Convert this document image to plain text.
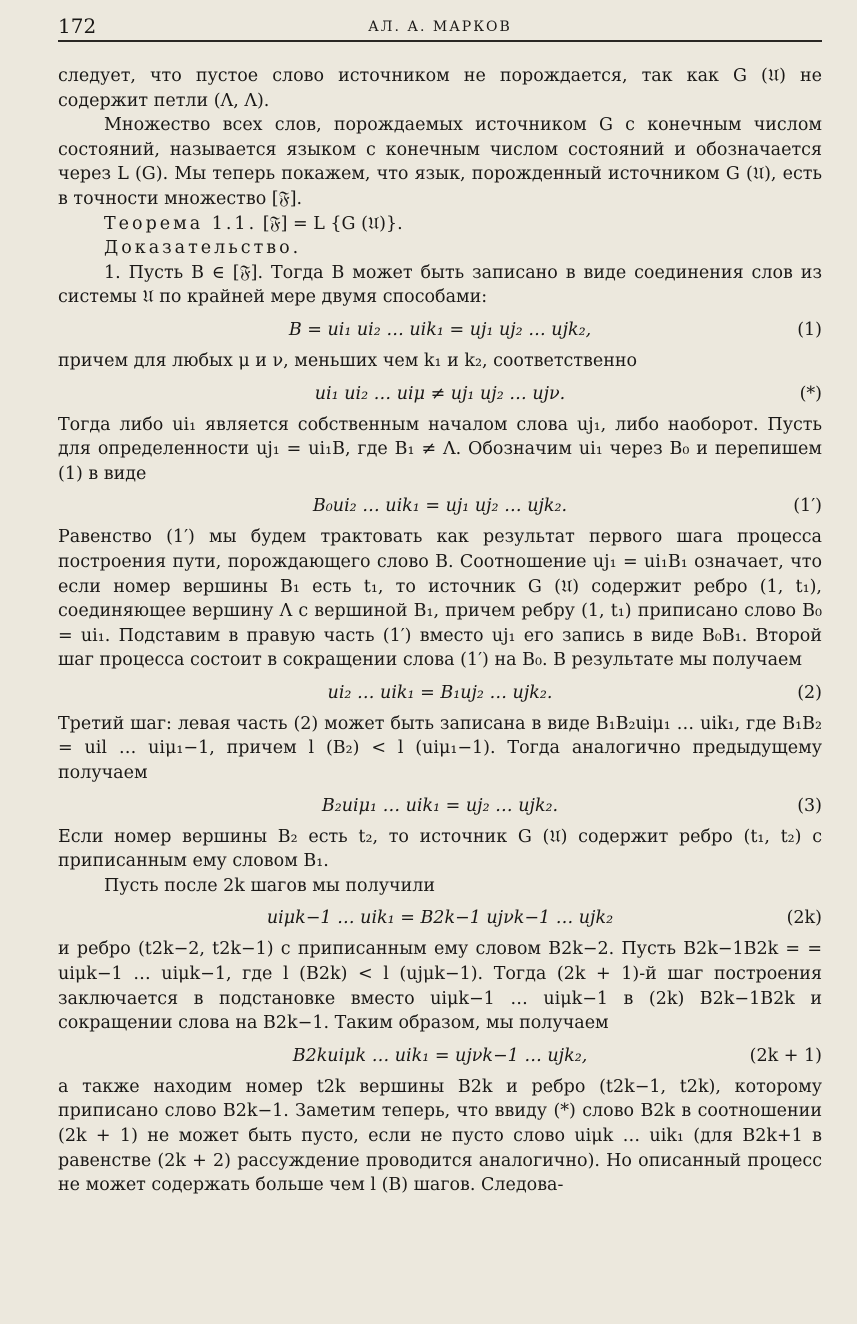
172	АЛ. А. МАРКОВ

следует, что пустое слово источником не порождается, так как G (𝔘) не содержит петли (Λ, Λ).

Множество всех слов, порождаемых источником G с конечным числом состояний, называется языком с конечным числом состояний и обозначается через L (G). Мы теперь покажем, что язык, порожденный источником G (𝔘), есть в точности множество [𝔉].

Теорема 1.1. [𝔉] = L {G (𝔘)}.

Доказательство.

1. Пусть B ∈ [𝔉]. Тогда B может быть записано в виде соединения слов из системы 𝔘 по крайней мере двумя способами:

B = ui₁ ui₂ … uik₁ = uj₁ uj₂ … ujk₂,	(1)

причем для любых μ и ν, меньших чем k₁ и k₂, соответственно

ui₁ ui₂ … uiμ ≠ uj₁ uj₂ … ujν.	(*)

Тогда либо ui₁ является собственным началом слова uj₁, либо наоборот. Пусть для определенности uj₁ = ui₁B, где B₁ ≠ Λ. Обозначим ui₁ через B₀ и перепишем (1) в виде

B₀ui₂ … uik₁ = uj₁ uj₂ … ujk₂.	(1′)

Равенство (1′) мы будем трактовать как результат первого шага процесса построения пути, порождающего слово B. Соотношение uj₁ = ui₁B₁ означает, что если номер вершины B₁ есть t₁, то источник G (𝔘) содержит ребро (1, t₁), соединяющее вершину Λ с вершиной B₁, причем ребру (1, t₁) приписано слово B₀ = ui₁. Подставим в правую часть (1′) вместо uj₁ его запись в виде B₀B₁. Второй шаг процесса состоит в сокращении слова (1′) на B₀. В результате мы получаем

ui₂ … uik₁ = B₁uj₂ … ujk₂.	(2)

Третий шаг: левая часть (2) может быть записана в виде B₁B₂uiμ₁ … uik₁, где B₁B₂ = uil … uiμ₁−1, причем l (B₂) < l (uiμ₁−1). Тогда аналогично предыдущему получаем

B₂uiμ₁ … uik₁ = uj₂ … ujk₂.	(3)

Если номер вершины B₂ есть t₂, то источник G (𝔘) содержит ребро (t₁, t₂) с приписанным ему словом B₁.

Пусть после 2k шагов мы получили

uiμk−1 … uik₁ = B2k−1 ujνk−1 … ujk₂	(2k)

и ребро (t2k−2, t2k−1) с приписанным ему словом B2k−2. Пусть B2k−1B2k = = uiμk−1 … uiμk−1, где l (B2k) < l (ujμk−1). Тогда (2k + 1)-й шаг построения заключается в подстановке вместо uiμk−1 … uiμk−1 в (2k) B2k−1B2k и сокращении слова на B2k−1. Таким образом, мы получаем

B2kuiμk … uik₁ = ujνk−1 … ujk₂,	(2k + 1)

а также находим номер t2k вершины B2k и ребро (t2k−1, t2k), которому приписано слово B2k−1. Заметим теперь, что ввиду (*) слово B2k в соотношении (2k + 1) не может быть пусто, если не пусто слово uiμk … uik₁ (для B2k+1 в равенстве (2k + 2) рассуждение проводится аналогично). Но описанный процесс не может содержать больше чем l (B) шагов. Следова-
